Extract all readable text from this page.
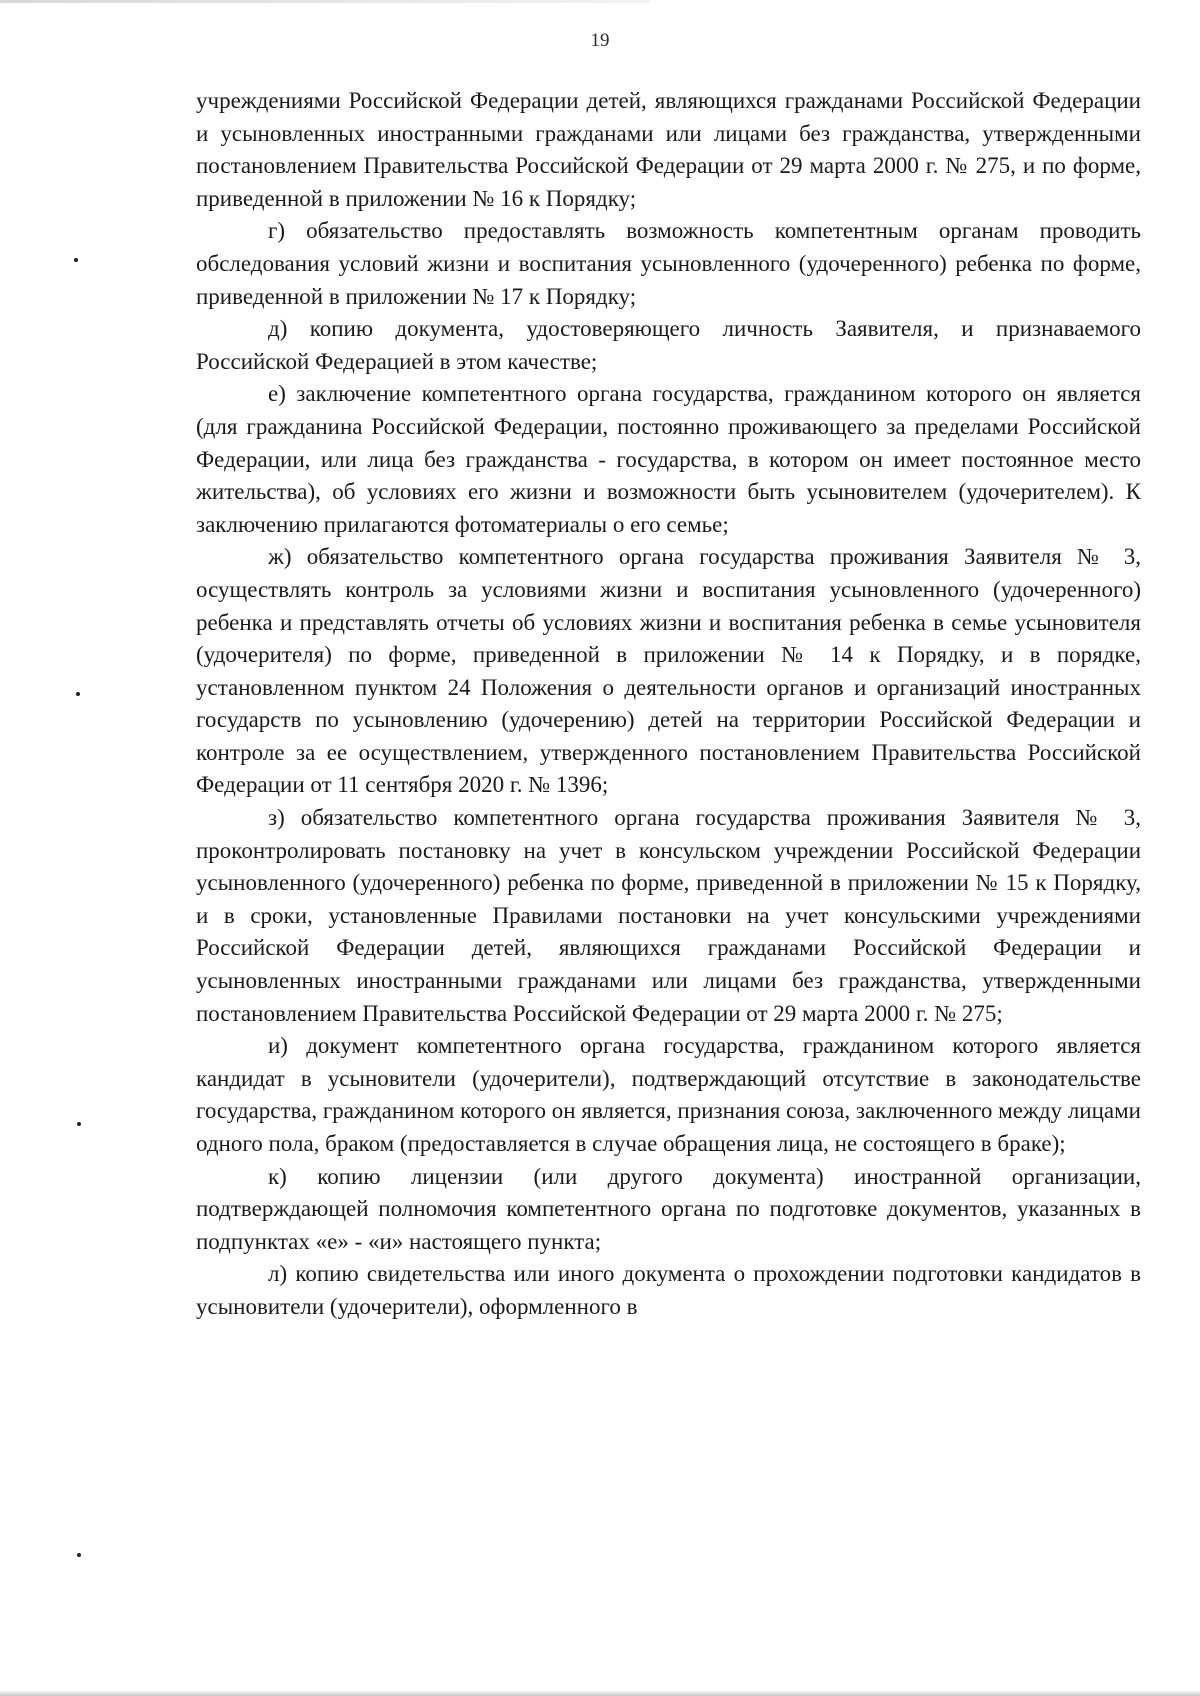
19

учреждениями Российской Федерации детей, являющихся гражданами Российской Федерации и усыновленных иностранными гражданами или лицами без гражданства, утвержденными постановлением Правительства Российской Федерации от 29 марта 2000 г. № 275, и по форме, приведенной в приложении № 16 к Порядку;

г) обязательство предоставлять возможность компетентным органам проводить обследования условий жизни и воспитания усыновленного (удочеренного) ребенка по форме, приведенной в приложении № 17 к Порядку;

д) копию документа, удостоверяющего личность Заявителя, и признаваемого Российской Федерацией в этом качестве;

е) заключение компетентного органа государства, гражданином которого он является (для гражданина Российской Федерации, постоянно проживающего за пределами Российской Федерации, или лица без гражданства - государства, в котором он имеет постоянное место жительства), об условиях его жизни и возможности быть усыновителем (удочерителем). К заключению прилагаются фотоматериалы о его семье;

ж) обязательство компетентного органа государства проживания Заявителя № 3, осуществлять контроль за условиями жизни и воспитания усыновленного (удочеренного) ребенка и представлять отчеты об условиях жизни и воспитания ребенка в семье усыновителя (удочерителя) по форме, приведенной в приложении № 14 к Порядку, и в порядке, установленном пунктом 24 Положения о деятельности органов и организаций иностранных государств по усыновлению (удочерению) детей на территории Российской Федерации и контроле за ее осуществлением, утвержденного постановлением Правительства Российской Федерации от 11 сентября 2020 г. № 1396;

з) обязательство компетентного органа государства проживания Заявителя № 3, проконтролировать постановку на учет в консульском учреждении Российской Федерации усыновленного (удочеренного) ребенка по форме, приведенной в приложении № 15 к Порядку, и в сроки, установленные Правилами постановки на учет консульскими учреждениями Российской Федерации детей, являющихся гражданами Российской Федерации и усыновленных иностранными гражданами или лицами без гражданства, утвержденными постановлением Правительства Российской Федерации от 29 марта 2000 г. № 275;

и) документ компетентного органа государства, гражданином которого является кандидат в усыновители (удочерители), подтверждающий отсутствие в законодательстве государства, гражданином которого он является, признания союза, заключенного между лицами одного пола, браком (предоставляется в случае обращения лица, не состоящего в браке);

к) копию лицензии (или другого документа) иностранной организации, подтверждающей полномочия компетентного органа по подготовке документов, указанных в подпунктах «е» - «и» настоящего пункта;

л) копию свидетельства или иного документа о прохождении подготовки кандидатов в усыновители (удочерители), оформленного в
